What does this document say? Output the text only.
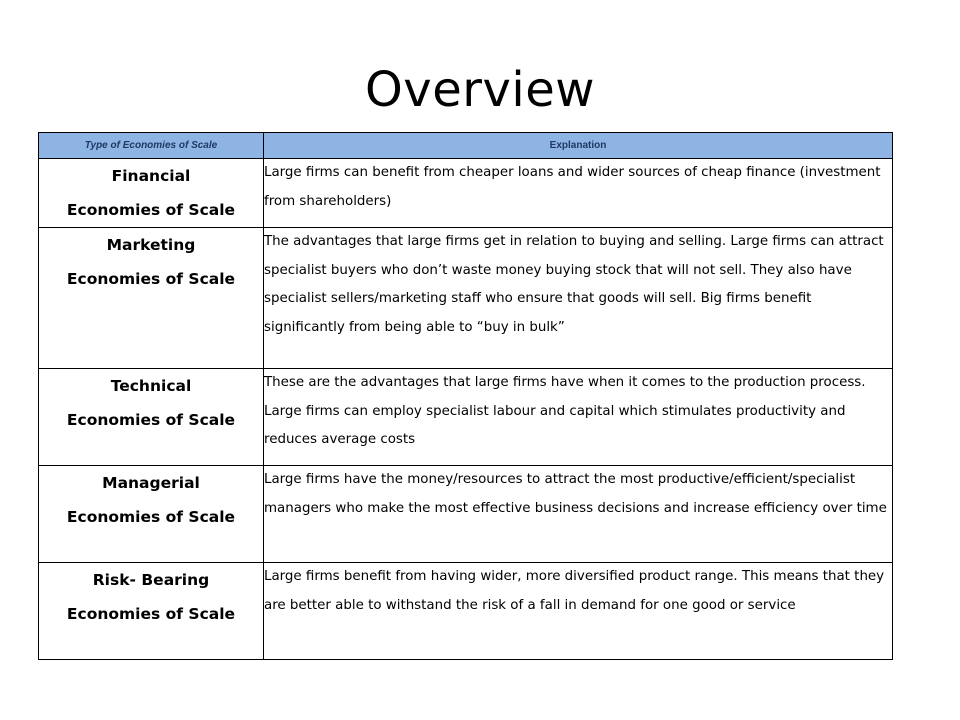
Overview
Type of Economies of Scale	Explanation

Financial
Economies of Scale	Large firms can benefit from cheaper loans and wider sources of cheap finance (investment from shareholders)

Marketing
Economies of Scale	The advantages that large firms get in relation to buying and selling. Large firms can attract specialist buyers who don’t waste money buying stock that will not sell. They also have specialist sellers/marketing staff who ensure that goods will sell. Big firms benefit significantly from being able to “buy in bulk”

Technical
Economies of Scale	These are the advantages that large firms have when it comes to the production process. Large firms can employ specialist labour and capital which stimulates productivity and reduces average costs

Managerial
Economies of Scale	Large firms have the money/resources to attract the most productive/efficient/specialist managers who make the most effective business decisions and increase efficiency over time

Risk- Bearing
Economies of Scale	Large firms benefit from having wider, more diversified product range. This means that they are better able to withstand the risk of a fall in demand for one good or service
